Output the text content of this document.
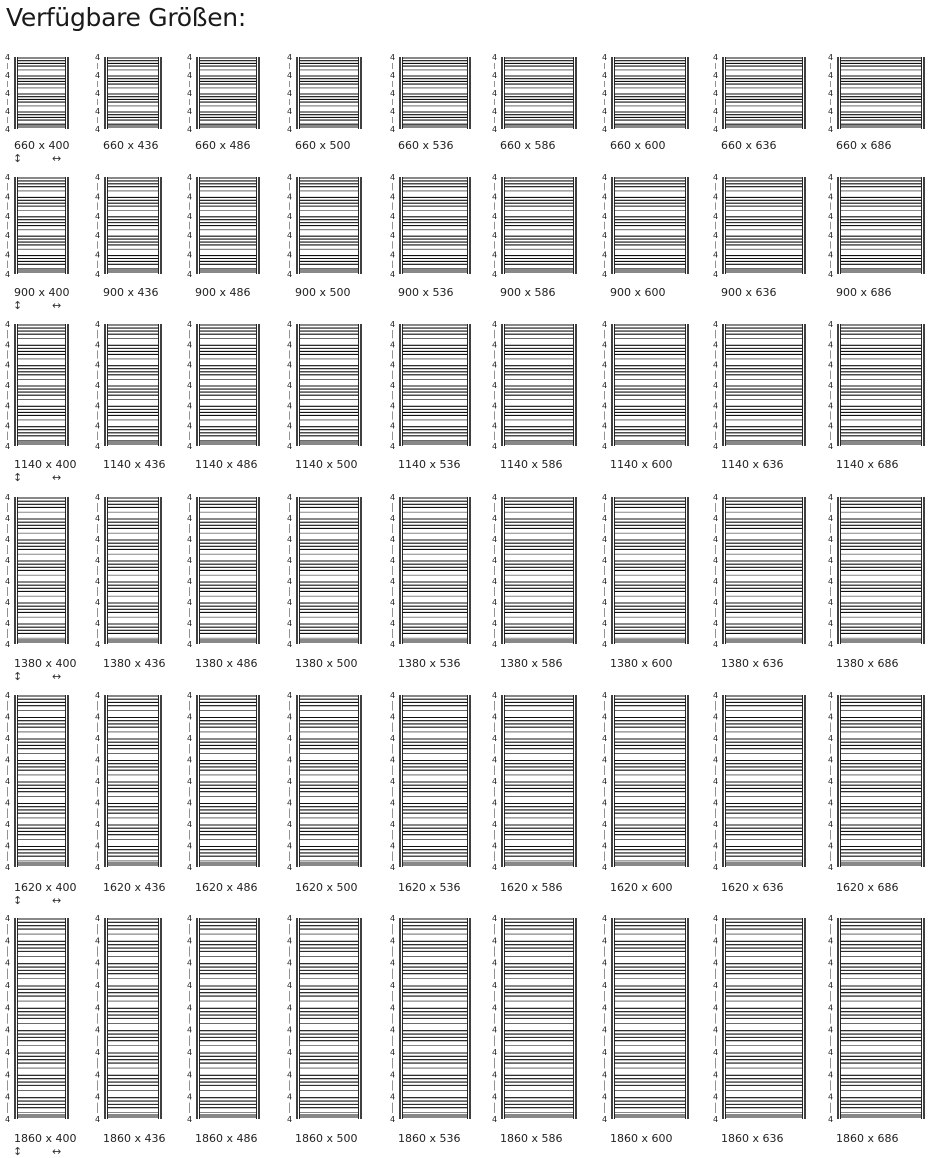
Verfügbare Größen:
4
4
4
4
4
660 x 400
↕	↔
4
4
4
4
4
660 x 436
4
4
4
4
4
660 x 486
4
4
4
4
4
660 x 500
4
4
4
4
4
660 x 536
4
4
4
4
4
660 x 586
4
4
4
4
4
660 x 600
4
4
4
4
4
660 x 636
4
4
4
4
4
660 x 686
4
4
4
4
4
4
900 x 400
↕	↔
4
4
4
4
4
4
900 x 436
4
4
4
4
4
4
900 x 486
4
4
4
4
4
4
900 x 500
4
4
4
4
4
4
900 x 536
4
4
4
4
4
4
900 x 586
4
4
4
4
4
4
900 x 600
4
4
4
4
4
4
900 x 636
4
4
4
4
4
4
900 x 686
4
4
4
4
4
4
4
1140 x 400
↕	↔
4
4
4
4
4
4
4
1140 x 436
4
4
4
4
4
4
4
1140 x 486
4
4
4
4
4
4
4
1140 x 500
4
4
4
4
4
4
4
1140 x 536
4
4
4
4
4
4
4
1140 x 586
4
4
4
4
4
4
4
1140 x 600
4
4
4
4
4
4
4
1140 x 636
4
4
4
4
4
4
4
1140 x 686
4
4
4
4
4
4
4
4
1380 x 400
↕	↔
4
4
4
4
4
4
4
4
1380 x 436
4
4
4
4
4
4
4
4
1380 x 486
4
4
4
4
4
4
4
4
1380 x 500
4
4
4
4
4
4
4
4
1380 x 536
4
4
4
4
4
4
4
4
1380 x 586
4
4
4
4
4
4
4
4
1380 x 600
4
4
4
4
4
4
4
4
1380 x 636
4
4
4
4
4
4
4
4
1380 x 686
4
4
4
4
4
4
4
4
4
1620 x 400
↕	↔
4
4
4
4
4
4
4
4
4
1620 x 436
4
4
4
4
4
4
4
4
4
1620 x 486
4
4
4
4
4
4
4
4
4
1620 x 500
4
4
4
4
4
4
4
4
4
1620 x 536
4
4
4
4
4
4
4
4
4
1620 x 586
4
4
4
4
4
4
4
4
4
1620 x 600
4
4
4
4
4
4
4
4
4
1620 x 636
4
4
4
4
4
4
4
4
4
1620 x 686
4
4
4
4
4
4
4
4
4
4
1860 x 400
↕	↔
4
4
4
4
4
4
4
4
4
4
1860 x 436
4
4
4
4
4
4
4
4
4
4
1860 x 486
4
4
4
4
4
4
4
4
4
4
1860 x 500
4
4
4
4
4
4
4
4
4
4
1860 x 536
4
4
4
4
4
4
4
4
4
4
1860 x 586
4
4
4
4
4
4
4
4
4
4
1860 x 600
4
4
4
4
4
4
4
4
4
4
1860 x 636
4
4
4
4
4
4
4
4
4
4
1860 x 686
